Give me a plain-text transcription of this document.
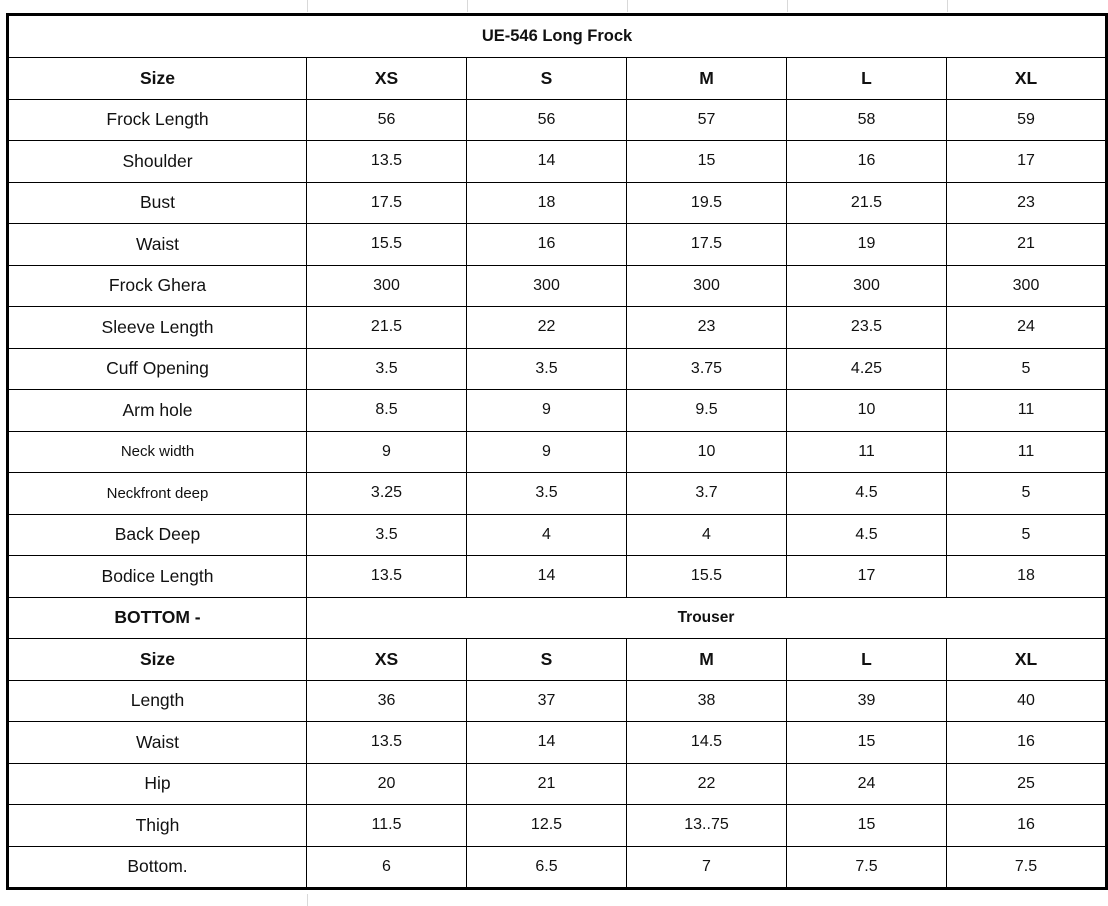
UE-546 Long Frock					
Size	XS	S	M	L	XL
Frock Length	56	56	57	58	59
Shoulder	13.5	14	15	16	17
Bust	17.5	18	19.5	21.5	23
Waist	15.5	16	17.5	19	21
Frock Ghera	300	300	300	300	300
Sleeve Length	21.5	22	23	23.5	24
Cuff Opening	3.5	3.5	3.75	4.25	5
Arm hole	8.5	9	9.5	10	11
Neck width	9	9	10	11	11
Neckfront deep	3.25	3.5	3.7	4.5	5
Back Deep	3.5	4	4	4.5	5
Bodice Length	13.5	14	15.5	17	18
BOTTOM -	Trouser				
Size	XS	S	M	L	XL
Length	36	37	38	39	40
Waist	13.5	14	14.5	15	16
Hip	20	21	22	24	25
Thigh	11.5	12.5	13..75	15	16
Bottom.	6	6.5	7	7.5	7.5
